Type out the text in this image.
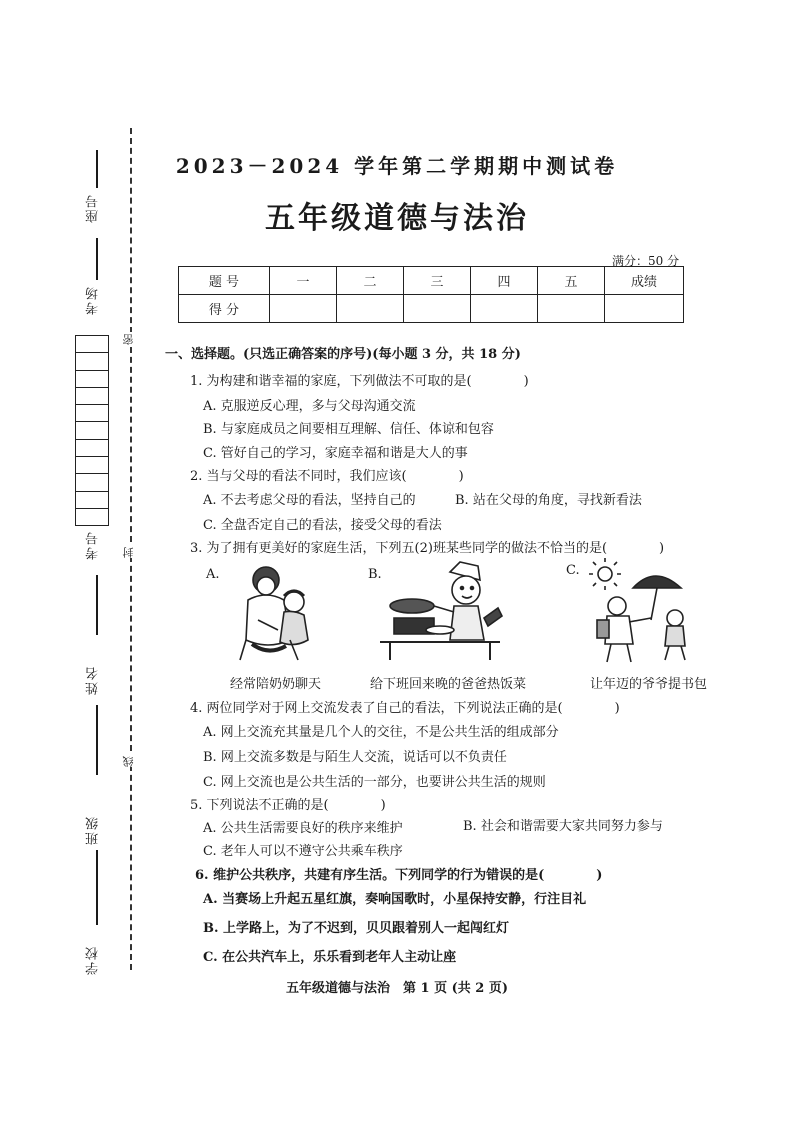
座号
考场
考号
姓名
班级
学校
密
封
线
2023－2024 学年第二学期期中测试卷
五年级道德与法治
满分：50 分
题 号	一	二	三	四	五	成绩
得 分						
一、选择题。(只选正确答案的序号)(每小题 3 分，共 18 分)
1. 为构建和谐幸福的家庭，下列做法不可取的是(　　　　)
A. 克服逆反心理，多与父母沟通交流
B. 与家庭成员之间要相互理解、信任、体谅和包容
C. 管好自己的学习，家庭幸福和谐是大人的事
2. 当与父母的看法不同时，我们应该(　　　　)
A. 不去考虑父母的看法，坚持自己的	B. 站在父母的角度，寻找新看法
C. 全盘否定自己的看法，接受父母的看法
3. 为了拥有更美好的家庭生活，下列五(2)班某些同学的做法不恰当的是(　　　　)
A.	B.	C.
经常陪奶奶聊天	给下班回来晚的爸爸热饭菜	让年迈的爷爷提书包
4. 两位同学对于网上交流发表了自己的看法，下列说法正确的是(　　　　)
A. 网上交流充其量是几个人的交往，不是公共生活的组成部分
B. 网上交流多数是与陌生人交流，说话可以不负责任
C. 网上交流也是公共生活的一部分，也要讲公共生活的规则
5. 下列说法不正确的是(　　　　)
A. 公共生活需要良好的秩序来维护	B. 社会和谐需要大家共同努力参与
C. 老年人可以不遵守公共乘车秩序
6. 维护公共秩序，共建有序生活。下列同学的行为错误的是(　　　　)
A. 当赛场上升起五星红旗，奏响国歌时，小星保持安静，行注目礼
B. 上学路上，为了不迟到，贝贝跟着别人一起闯红灯
C. 在公共汽车上，乐乐看到老年人主动让座
五年级道德与法治　第 1 页 (共 2 页)
